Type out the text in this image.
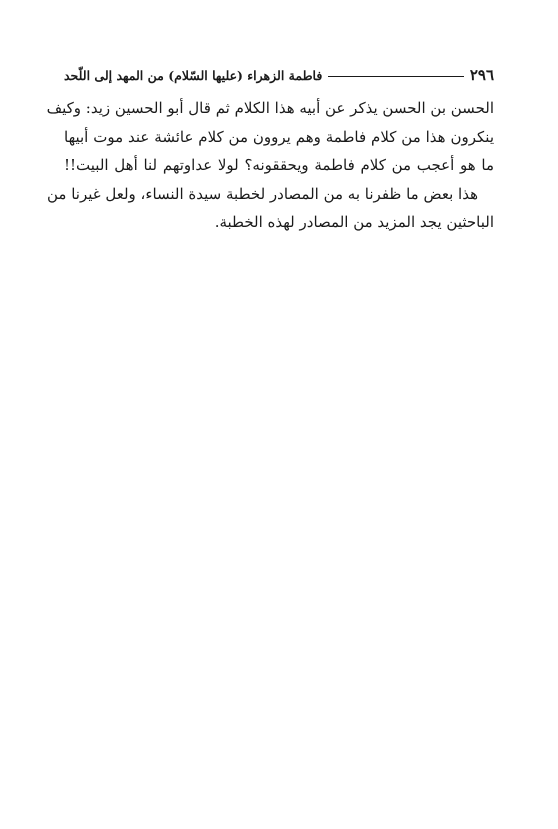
٢٩٦
فاطمة الزهراء (عليها السّلام) من المهد إلى اللّحد

الحسن بن الحسن يذكر عن أبيه هذا الكلام ثم قال أبو الحسين زيد: وكيف
ينكرون هذا من كلام فاطمة وهم يروون من كلام عائشة عند موت أبيها
ما هو أعجب من كلام فاطمة ويحققونه؟ لولا عداوتهم لنا أهل البيت!!

هذا بعض ما ظفرنا به من المصادر لخطبة سيدة النساء، ولعل غيرنا من
الباحثين يجد المزيد من المصادر لهذه الخطبة.
